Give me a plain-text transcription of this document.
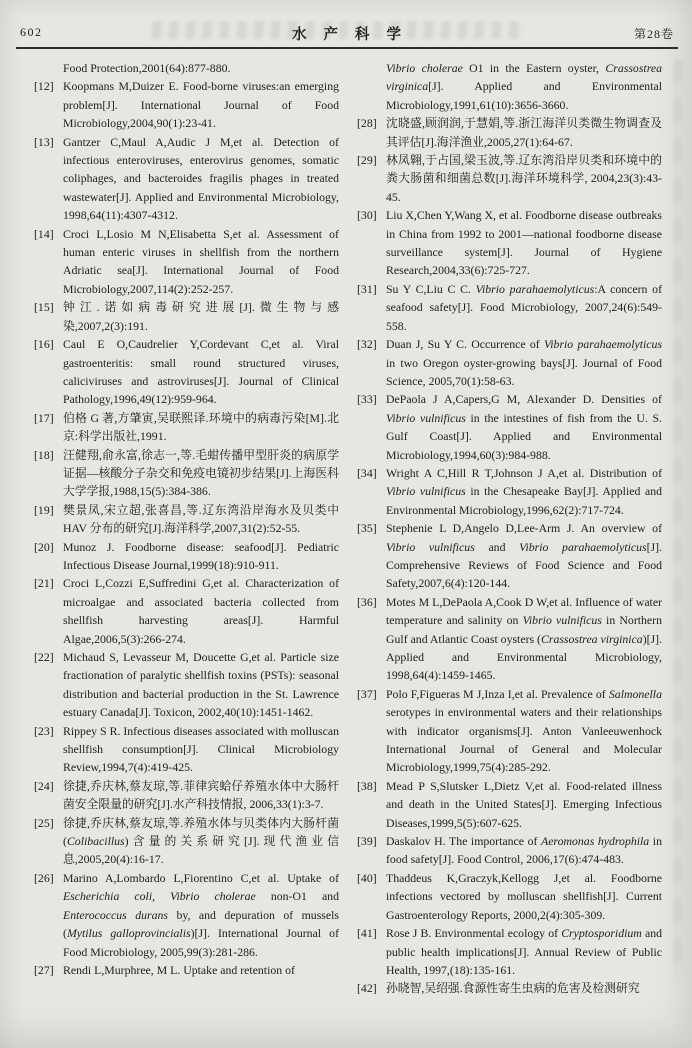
602	水产科学	第28卷
Food Protection,2001(64):877-880.
[12] Koopmans M,Duizer E. Food-borne viruses:an emerging problem[J]. International Journal of Food Microbiology,2004,90(1):23-41.
[13] Gantzer C,Maul A,Audic J M,et al. Detection of infectious enteroviruses, enterovirus genomes, somatic coliphages, and bacteroides fragilis phages in treated wastewater[J]. Applied and Environmental Microbiology, 1998,64(11):4307-4312.
[14] Croci L,Losio M N,Elisabetta S,et al. Assessment of human enteric viruses in shellfish from the northern Adriatic sea[J]. International Journal of Food Microbiology,2007,114(2):252-257.
[15] 钟江.诺如病毒研究进展[J].微生物与感染,2007,2(3):191.
[16] Caul E O,Caudrelier Y,Cordevant C,et al. Viral gastroenteritis: small round structured viruses, caliciviruses and astroviruses[J]. Journal of Clinical Pathology,1996,49(12):959-964.
[17] 伯格 G 著,方肇寅,吴联熙译.环境中的病毒污染[M].北京:科学出版社,1991.
[18] 汪健翔,俞永富,徐志一,等.毛蚶传播甲型肝炎的病原学证据—核酸分子杂交和免疫电镜初步结果[J].上海医科大学学报,1988,15(5):384-386.
[19] 樊景凤,宋立超,张喜昌,等.辽东湾沿岸海水及贝类中 HAV 分布的研究[J].海洋科学,2007,31(2):52-55.
[20] Munoz J. Foodborne disease: seafood[J]. Pediatric Infectious Disease Journal,1999(18):910-911.
[21] Croci L,Cozzi E,Suffredini G,et al. Characterization of microalgae and associated bacteria collected from shellfish harvesting areas[J]. Harmful Algae,2006,5(3):266-274.
[22] Michaud S, Levasseur M, Doucette G,et al. Particle size fractionation of paralytic shellfish toxins (PSTs): seasonal distribution and bacterial production in the St. Lawrence estuary Canada[J]. Toxicon, 2002,40(10):1451-1462.
[23] Rippey S R. Infectious diseases associated with molluscan shellfish consumption[J]. Clinical Microbiology Review,1994,7(4):419-425.
[24] 徐捷,乔庆林,蔡友琼,等.菲律宾蛤仔养殖水体中大肠杆菌安全限量的研究[J].水产科技情报, 2006,33(1):3-7.
[25] 徐捷,乔庆林,蔡友琼,等.养殖水体与贝类体内大肠杆菌(Colibacillus)含量的关系研究[J].现代渔业信息,2005,20(4):16-17.
[26] Marino A,Lombardo L,Fiorentino C,et al. Uptake of Escherichia coli, Vibrio cholerae non-O1 and Enterococcus durans by, and depuration of mussels (Mytilus galloprovincialis)[J]. International Journal of Food Microbiology, 2005,99(3):281-286.
[27] Rendi L,Murphree, M L. Uptake and retention of
Vibrio cholerae O1 in the Eastern oyster, Crassostrea virginica[J]. Applied and Environmental Microbiology,1991,61(10):3656-3660.
[28] 沈晓盛,顾润润,于慧娟,等.浙江海洋贝类微生物调查及其评估[J].海洋渔业,2005,27(1):64-67.
[29] 林凤翱,于占国,梁玉波,等.辽东湾沿岸贝类和环境中的粪大肠菌和细菌总数[J].海洋环境科学, 2004,23(3):43-45.
[30] Liu X,Chen Y,Wang X, et al. Foodborne disease outbreaks in China from 1992 to 2001—national foodborne disease surveillance system[J]. Journal of Hygiene Research,2004,33(6):725-727.
[31] Su Y C,Liu C C. Vibrio parahaemolyticus:A concern of seafood safety[J]. Food Microbiology, 2007,24(6):549-558.
[32] Duan J, Su Y C. Occurrence of Vibrio parahaemolyticus in two Oregon oyster-growing bays[J]. Journal of Food Science, 2005,70(1):58-63.
[33] DePaola J A,Capers,G M, Alexander D. Densities of Vibrio vulnificus in the intestines of fish from the U. S. Gulf Coast[J]. Applied and Environmental Microbiology,1994,60(3):984-988.
[34] Wright A C,Hill R T,Johnson J A,et al. Distribution of Vibrio vulnificus in the Chesapeake Bay[J]. Applied and Environmental Microbiology,1996,62(2):717-724.
[35] Stephenie L D,Angelo D,Lee-Arm J. An overview of Vibrio vulnificus and Vibrio parahaemolyticus[J]. Comprehensive Reviews of Food Science and Food Safety,2007,6(4):120-144.
[36] Motes M L,DePaola A,Cook D W,et al. Influence of water temperature and salinity on Vibrio vulnificus in Northern Gulf and Atlantic Coast oysters (Crassostrea virginica)[J]. Applied and Environmental Microbiology, 1998,64(4):1459-1465.
[37] Polo F,Figueras M J,Inza I,et al. Prevalence of Salmonella serotypes in environmental waters and their relationships with indicator organisms[J]. Anton Vanleeuwenhock International Journal of General and Molecular Microbiology,1999,75(4):285-292.
[38] Mead P S,Slutsker L,Dietz V,et al. Food-related illness and death in the United States[J]. Emerging Infectious Diseases,1999,5(5):607-625.
[39] Daskalov H. The importance of Aeromonas hydrophila in food safety[J]. Food Control, 2006,17(6):474-483.
[40] Thaddeus K,Graczyk,Kellogg J,et al. Foodborne infections vectored by molluscan shellfish[J]. Current Gastroenterology Reports, 2000,2(4):305-309.
[41] Rose J B. Environmental ecology of Cryptosporidium and public health implications[J]. Annual Review of Public Health, 1997,(18):135-161.
[42] 孙晓智,吴绍强.食源性寄生虫病的危害及检测研究
